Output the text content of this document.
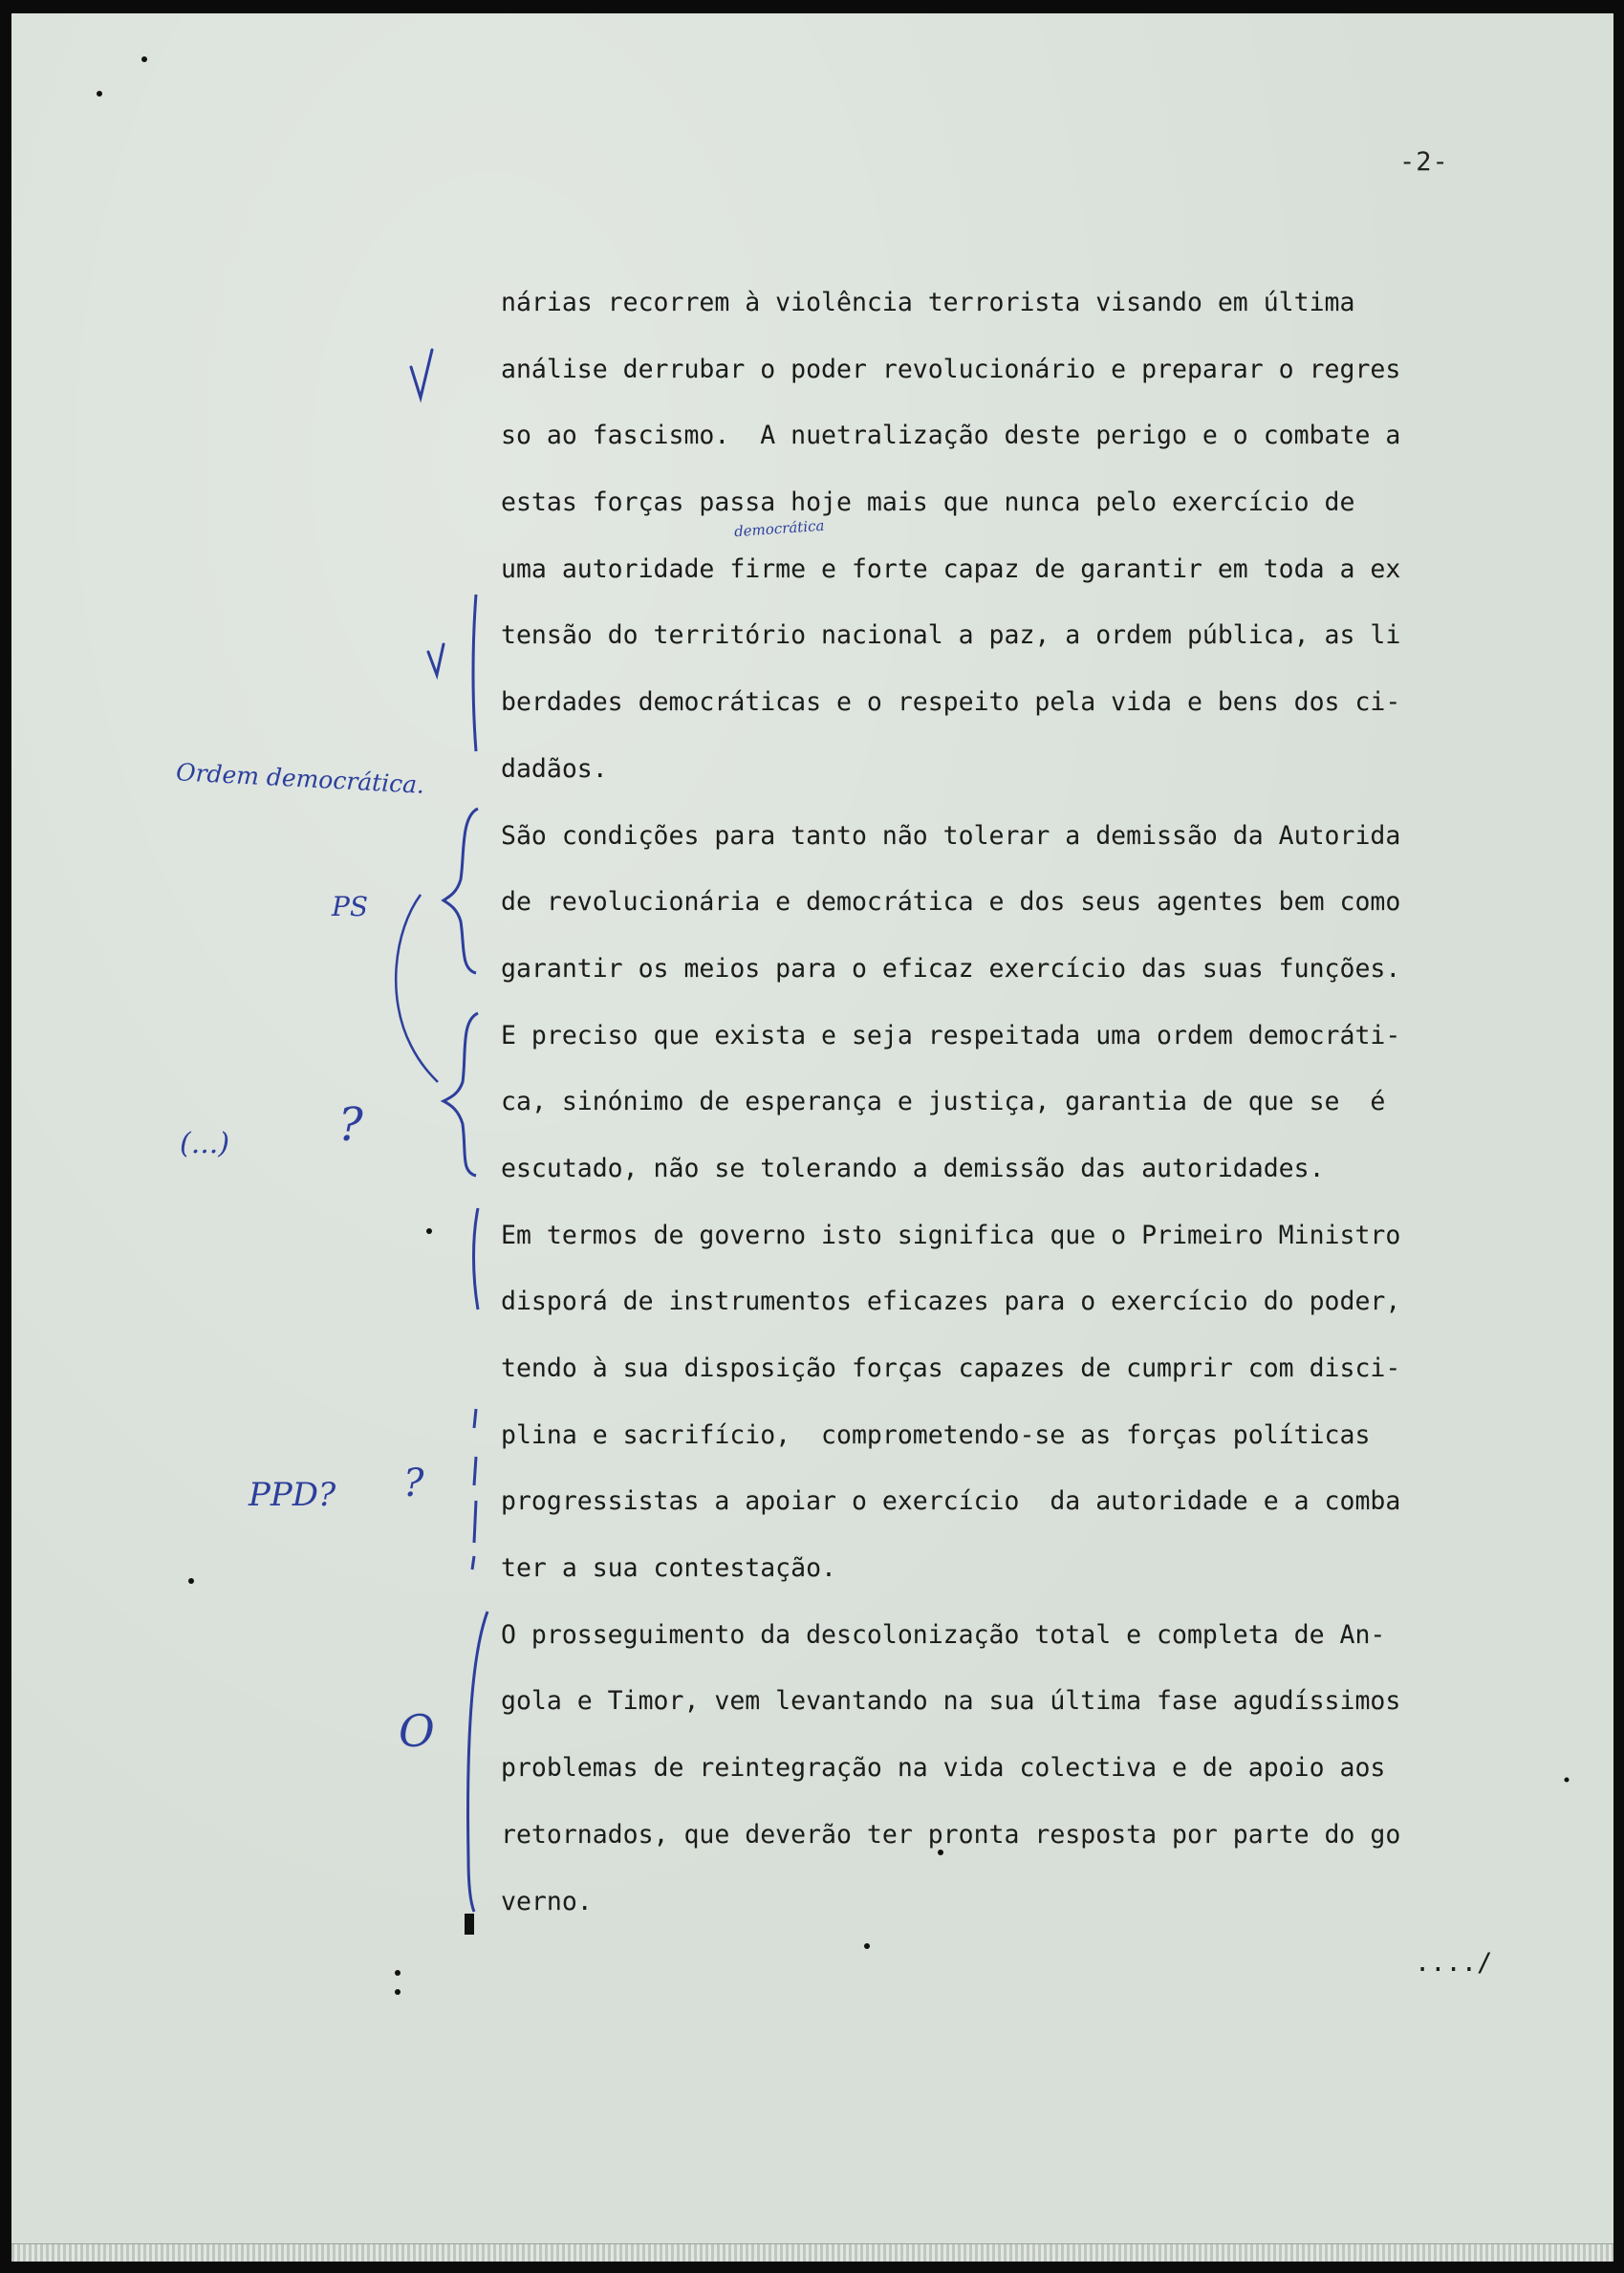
-2-

nárias recorrem à violência terrorista visando em última
análise derrubar o poder revolucionário e preparar o regres
so ao fascismo.  A nuetralização deste perigo e o combate a
estas forças passa hoje mais que nunca pelo exercício de
uma autoridade firme e forte capaz de garantir em toda a ex
tensão do território nacional a paz, a ordem pública, as li
berdades democráticas e o respeito pela vida e bens dos ci-
dadãos.

São condições para tanto não tolerar a demissão da Autorida
de revolucionária e democrática e dos seus agentes bem como
garantir os meios para o eficaz exercício das suas funções.

E preciso que exista e seja respeitada uma ordem democráti-
ca, sinónimo de esperança e justiça, garantia de que se  é
escutado, não se tolerando a demissão das autoridades.

Em termos de governo isto significa que o Primeiro Ministro
disporá de instrumentos eficazes para o exercício do poder,
tendo à sua disposição forças capazes de cumprir com disci-
plina e sacrifício,  comprometendo-se as forças políticas
progressistas a apoiar o exercício  da autoridade e a comba
ter a sua contestação.

O prosseguimento da descolonização total e completa de An-
gola e Timor, vem levantando na sua última fase agudíssimos
problemas de reintegração na vida colectiva e de apoio aos
retornados, que deverão ter pronta resposta por parte do go
verno.

..../

democrática

Ordem democrática.

PS

(...) ?

PPD? ?

O
